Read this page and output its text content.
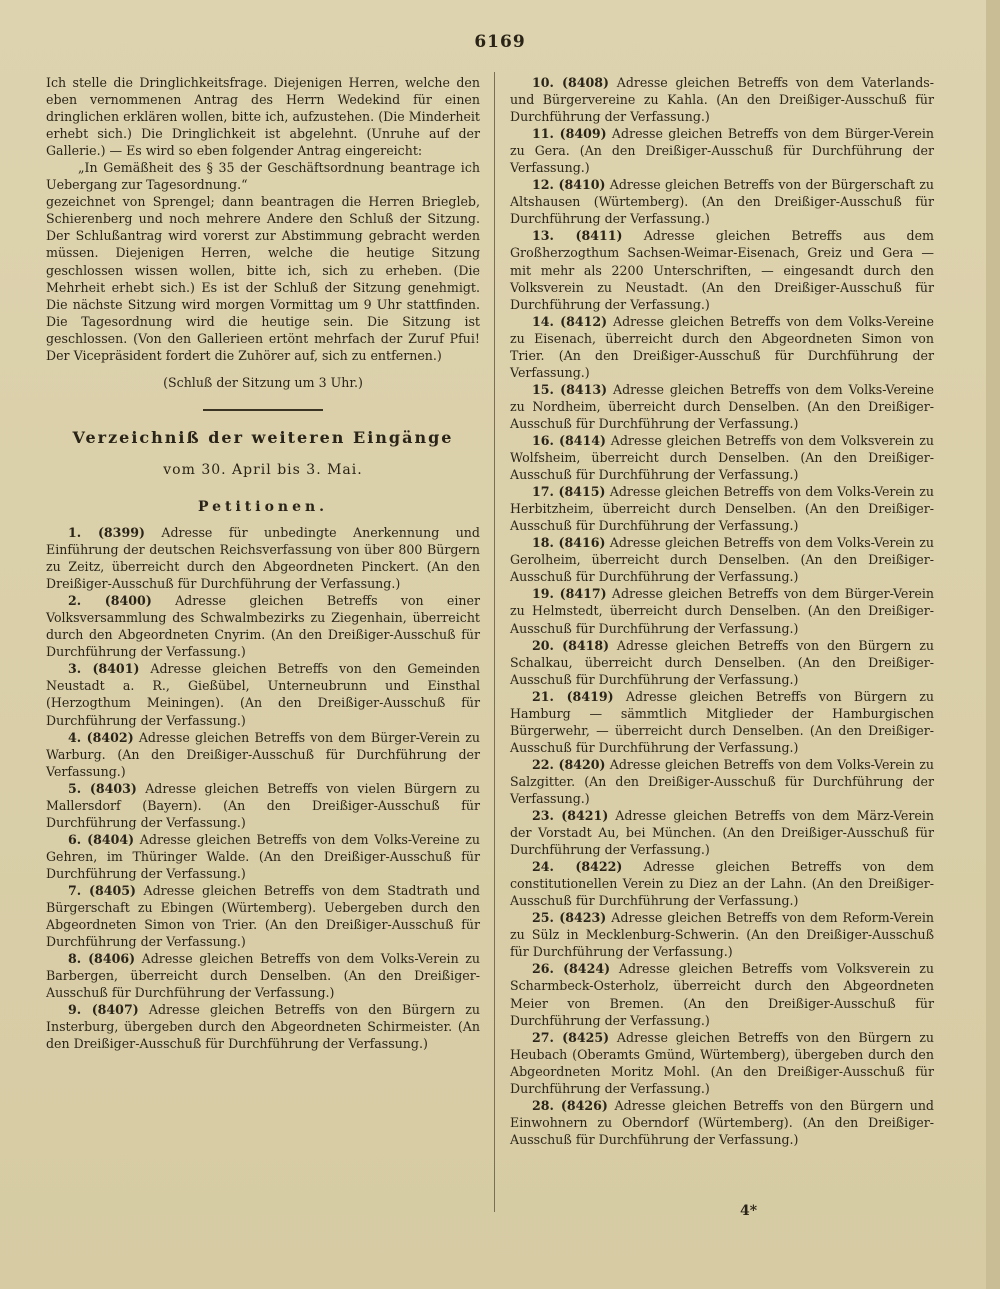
6169

Ich stelle die Dringlichkeitsfrage. Diejenigen Herren, welche den eben vernommenen Antrag des Herrn Wedekind für einen dringlichen erklären wollen, bitte ich, aufzustehen. (Die Minderheit erhebt sich.) Die Dringlichkeit ist abgelehnt. (Unruhe auf der Gallerie.) — Es wird so eben folgender Antrag eingereicht:

„In Gemäßheit des § 35 der Geschäftsordnung beantrage ich Uebergang zur Tagesordnung.“

gezeichnet von Sprengel; dann beantragen die Herren Briegleb, Schierenberg und noch mehrere Andere den Schluß der Sitzung. Der Schlußantrag wird vorerst zur Abstimmung gebracht werden müssen. Diejenigen Herren, welche die heutige Sitzung geschlossen wissen wollen, bitte ich, sich zu erheben. (Die Mehrheit erhebt sich.) Es ist der Schluß der Sitzung genehmigt. Die nächste Sitzung wird morgen Vormittag um 9 Uhr stattfinden. Die Tagesordnung wird die heutige sein. Die Sitzung ist geschlossen. (Von den Gallerieen ertönt mehrfach der Zuruf Pfui! Der Vicepräsident fordert die Zuhörer auf, sich zu entfernen.)

(Schluß der Sitzung um 3 Uhr.)

Verzeichniß der weiteren Eingänge
vom 30. April bis 3. Mai.
Petitionen.

1. (8399) Adresse für unbedingte Anerkennung und Einführung der deutschen Reichsverfassung von über 800 Bürgern zu Zeitz, überreicht durch den Abgeordneten Pinckert. (An den Dreißiger-Ausschuß für Durchführung der Verfassung.)

2. (8400) Adresse gleichen Betreffs von einer Volksversammlung des Schwalmbezirks zu Ziegenhain, überreicht durch den Abgeordneten Cnyrim. (An den Dreißiger-Ausschuß für Durchführung der Verfassung.)

3. (8401) Adresse gleichen Betreffs von den Gemeinden Neustadt a. R., Gießübel, Unterneubrunn und Einsthal (Herzogthum Meiningen). (An den Dreißiger-Ausschuß für Durchführung der Verfassung.)

4. (8402) Adresse gleichen Betreffs von dem Bürger-Verein zu Warburg. (An den Dreißiger-Ausschuß für Durchführung der Verfassung.)

5. (8403) Adresse gleichen Betreffs von vielen Bürgern zu Mallersdorf (Bayern). (An den Dreißiger-Ausschuß für Durchführung der Verfassung.)

6. (8404) Adresse gleichen Betreffs von dem Volks-Vereine zu Gehren, im Thüringer Walde. (An den Dreißiger-Ausschuß für Durchführung der Verfassung.)

7. (8405) Adresse gleichen Betreffs von dem Stadtrath und Bürgerschaft zu Ebingen (Würtemberg). Uebergeben durch den Abgeordneten Simon von Trier. (An den Dreißiger-Ausschuß für Durchführung der Verfassung.)

8. (8406) Adresse gleichen Betreffs von dem Volks-Verein zu Barbergen, überreicht durch Denselben. (An den Dreißiger-Ausschuß für Durchführung der Verfassung.)

9. (8407) Adresse gleichen Betreffs von den Bürgern zu Insterburg, übergeben durch den Abgeordneten Schirmeister. (An den Dreißiger-Ausschuß für Durchführung der Verfassung.)

10. (8408) Adresse gleichen Betreffs von dem Vaterlands- und Bürgervereine zu Kahla. (An den Dreißiger-Ausschuß für Durchführung der Verfassung.)

11. (8409) Adresse gleichen Betreffs von dem Bürger-Verein zu Gera. (An den Dreißiger-Ausschuß für Durchführung der Verfassung.)

12. (8410) Adresse gleichen Betreffs von der Bürgerschaft zu Altshausen (Würtemberg). (An den Dreißiger-Ausschuß für Durchführung der Verfassung.)

13. (8411) Adresse gleichen Betreffs aus dem Großherzogthum Sachsen-Weimar-Eisenach, Greiz und Gera — mit mehr als 2200 Unterschriften, — eingesandt durch den Volksverein zu Neustadt. (An den Dreißiger-Ausschuß für Durchführung der Verfassung.)

14. (8412) Adresse gleichen Betreffs von dem Volks-Vereine zu Eisenach, überreicht durch den Abgeordneten Simon von Trier. (An den Dreißiger-Ausschuß für Durchführung der Verfassung.)

15. (8413) Adresse gleichen Betreffs von dem Volks-Vereine zu Nordheim, überreicht durch Denselben. (An den Dreißiger-Ausschuß für Durchführung der Verfassung.)

16. (8414) Adresse gleichen Betreffs von dem Volksverein zu Wolfsheim, überreicht durch Denselben. (An den Dreißiger-Ausschuß für Durchführung der Verfassung.)

17. (8415) Adresse gleichen Betreffs von dem Volks-Verein zu Herbitzheim, überreicht durch Denselben. (An den Dreißiger-Ausschuß für Durchführung der Verfassung.)

18. (8416) Adresse gleichen Betreffs von dem Volks-Verein zu Gerolheim, überreicht durch Denselben. (An den Dreißiger-Ausschuß für Durchführung der Verfassung.)

19. (8417) Adresse gleichen Betreffs von dem Bürger-Verein zu Helmstedt, überreicht durch Denselben. (An den Dreißiger-Ausschuß für Durchführung der Verfassung.)

20. (8418) Adresse gleichen Betreffs von den Bürgern zu Schalkau, überreicht durch Denselben. (An den Dreißiger-Ausschuß für Durchführung der Verfassung.)

21. (8419) Adresse gleichen Betreffs von Bürgern zu Hamburg — sämmtlich Mitglieder der Hamburgischen Bürgerwehr, — überreicht durch Denselben. (An den Dreißiger-Ausschuß für Durchführung der Verfassung.)

22. (8420) Adresse gleichen Betreffs von dem Volks-Verein zu Salzgitter. (An den Dreißiger-Ausschuß für Durchführung der Verfassung.)

23. (8421) Adresse gleichen Betreffs von dem März-Verein der Vorstadt Au, bei München. (An den Dreißiger-Ausschuß für Durchführung der Verfassung.)

24. (8422) Adresse gleichen Betreffs von dem constitutionellen Verein zu Diez an der Lahn. (An den Dreißiger-Ausschuß für Durchführung der Verfassung.)

25. (8423) Adresse gleichen Betreffs von dem Reform-Verein zu Sülz in Mecklenburg-Schwerin. (An den Dreißiger-Ausschuß für Durchführung der Verfassung.)

26. (8424) Adresse gleichen Betreffs vom Volksverein zu Scharmbeck-Osterholz, überreicht durch den Abgeordneten Meier von Bremen. (An den Dreißiger-Ausschuß für Durchführung der Verfassung.)

27. (8425) Adresse gleichen Betreffs von den Bürgern zu Heubach (Oberamts Gmünd, Würtemberg), übergeben durch den Abgeordneten Moritz Mohl. (An den Dreißiger-Ausschuß für Durchführung der Verfassung.)

28. (8426) Adresse gleichen Betreffs von den Bürgern und Einwohnern zu Oberndorf (Würtemberg). (An den Dreißiger-Ausschuß für Durchführung der Verfassung.)

4*
